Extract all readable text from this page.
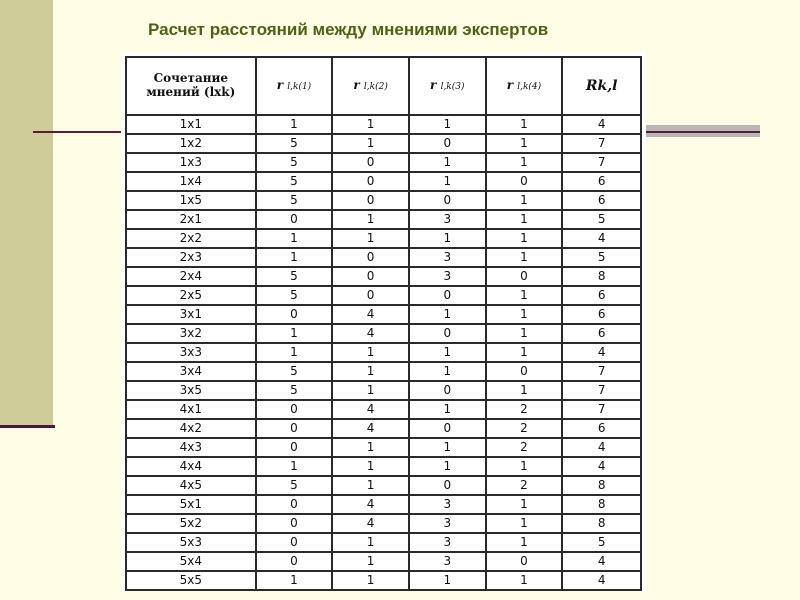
Расчет расстояний между мнениями экспертов
Сочетание мнений (lxk)	r l,k(1)	r l,k(2)	r l,k(3)	r l,k(4)	Rk,l
1x1	1	1	1	1	4
1x2	5	1	0	1	7
1x3	5	0	1	1	7
1x4	5	0	1	0	6
1x5	5	0	0	1	6
2x1	0	1	3	1	5
2x2	1	1	1	1	4
2x3	1	0	3	1	5
2x4	5	0	3	0	8
2x5	5	0	0	1	6
3x1	0	4	1	1	6
3x2	1	4	0	1	6
3x3	1	1	1	1	4
3x4	5	1	1	0	7
3x5	5	1	0	1	7
4x1	0	4	1	2	7
4x2	0	4	0	2	6
4x3	0	1	1	2	4
4x4	1	1	1	1	4
4x5	5	1	0	2	8
5x1	0	4	3	1	8
5x2	0	4	3	1	8
5x3	0	1	3	1	5
5x4	0	1	3	0	4
5x5	1	1	1	1	4
